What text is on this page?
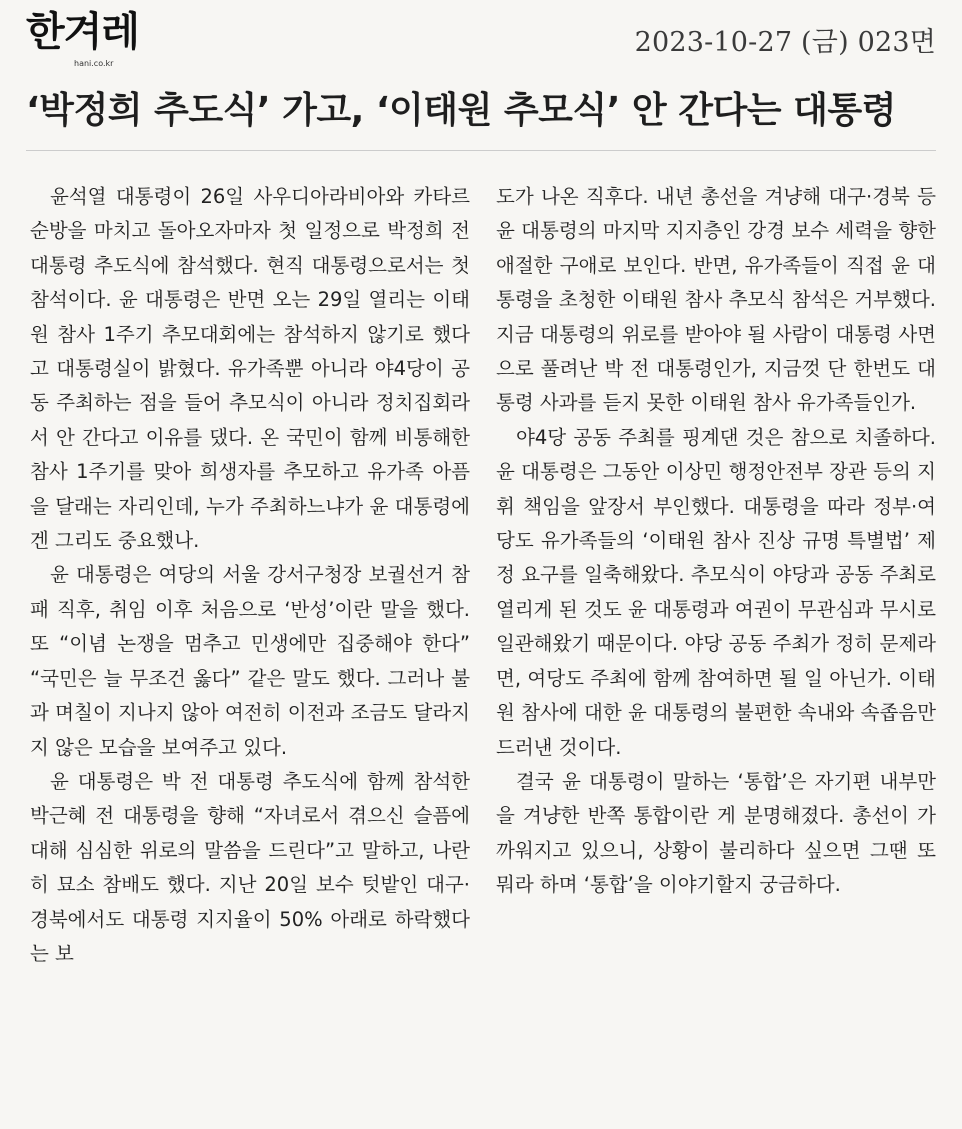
한겨레
hani.co.kr
2023-10-27 (금) 023면
‘박정희 추도식’ 가고, ‘이태원 추모식’ 안 간다는 대통령

윤석열 대통령이 26일 사우디아라비아와 카타르 순방을 마치고 돌아오자마자 첫 일정으로 박정희 전 대통령 추도식에 참석했다. 현직 대통령으로서는 첫 참석이다. 윤 대통령은 반면 오는 29일 열리는 이태원 참사 1주기 추모대회에는 참석하지 않기로 했다고 대통령실이 밝혔다. 유가족뿐 아니라 야4당이 공동 주최하는 점을 들어 추모식이 아니라 정치집회라서 안 간다고 이유를 댔다. 온 국민이 함께 비통해한 참사 1주기를 맞아 희생자를 추모하고 유가족 아픔을 달래는 자리인데, 누가 주최하느냐가 윤 대통령에겐 그리도 중요했나.

윤 대통령은 여당의 서울 강서구청장 보궐선거 참패 직후, 취임 이후 처음으로 ‘반성’이란 말을 했다. 또 “이념 논쟁을 멈추고 민생에만 집중해야 한다” “국민은 늘 무조건 옳다” 같은 말도 했다. 그러나 불과 며칠이 지나지 않아 여전히 이전과 조금도 달라지지 않은 모습을 보여주고 있다.

윤 대통령은 박 전 대통령 추도식에 함께 참석한 박근혜 전 대통령을 향해 “자녀로서 겪으신 슬픔에 대해 심심한 위로의 말씀을 드린다”고 말하고, 나란히 묘소 참배도 했다. 지난 20일 보수 텃밭인 대구·경북에서도 대통령 지지율이 50% 아래로 하락했다는 보

도가 나온 직후다. 내년 총선을 겨냥해 대구·경북 등 윤 대통령의 마지막 지지층인 강경 보수 세력을 향한 애절한 구애로 보인다. 반면, 유가족들이 직접 윤 대통령을 초청한 이태원 참사 추모식 참석은 거부했다. 지금 대통령의 위로를 받아야 될 사람이 대통령 사면으로 풀려난 박 전 대통령인가, 지금껏 단 한번도 대통령 사과를 듣지 못한 이태원 참사 유가족들인가.

야4당 공동 주최를 핑계댄 것은 참으로 치졸하다. 윤 대통령은 그동안 이상민 행정안전부 장관 등의 지휘 책임을 앞장서 부인했다. 대통령을 따라 정부·여당도 유가족들의 ‘이태원 참사 진상 규명 특별법’ 제정 요구를 일축해왔다. 추모식이 야당과 공동 주최로 열리게 된 것도 윤 대통령과 여권이 무관심과 무시로 일관해왔기 때문이다. 야당 공동 주최가 정히 문제라면, 여당도 주최에 함께 참여하면 될 일 아닌가. 이태원 참사에 대한 윤 대통령의 불편한 속내와 속좁음만 드러낸 것이다.

결국 윤 대통령이 말하는 ‘통합’은 자기편 내부만을 겨냥한 반쪽 통합이란 게 분명해졌다. 총선이 가까워지고 있으니, 상황이 불리하다 싶으면 그땐 또 뭐라 하며 ‘통합’을 이야기할지 궁금하다.
